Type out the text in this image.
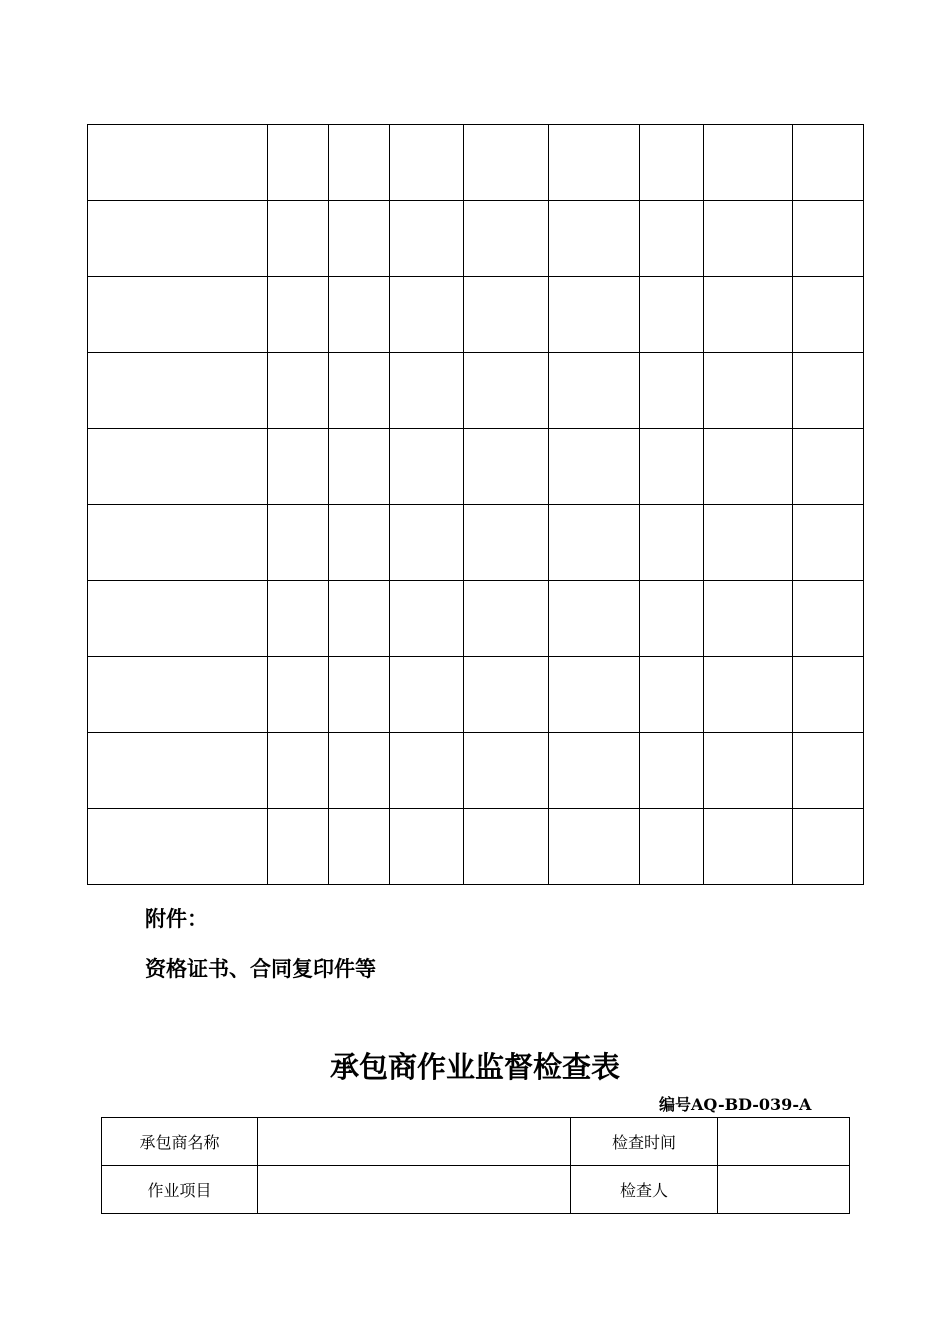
附件：

资格证书、合同复印件等

承包商作业监督检查表

编号AQ-BD-039-A

承包商名称		检查时间	
作业项目		检查人	
